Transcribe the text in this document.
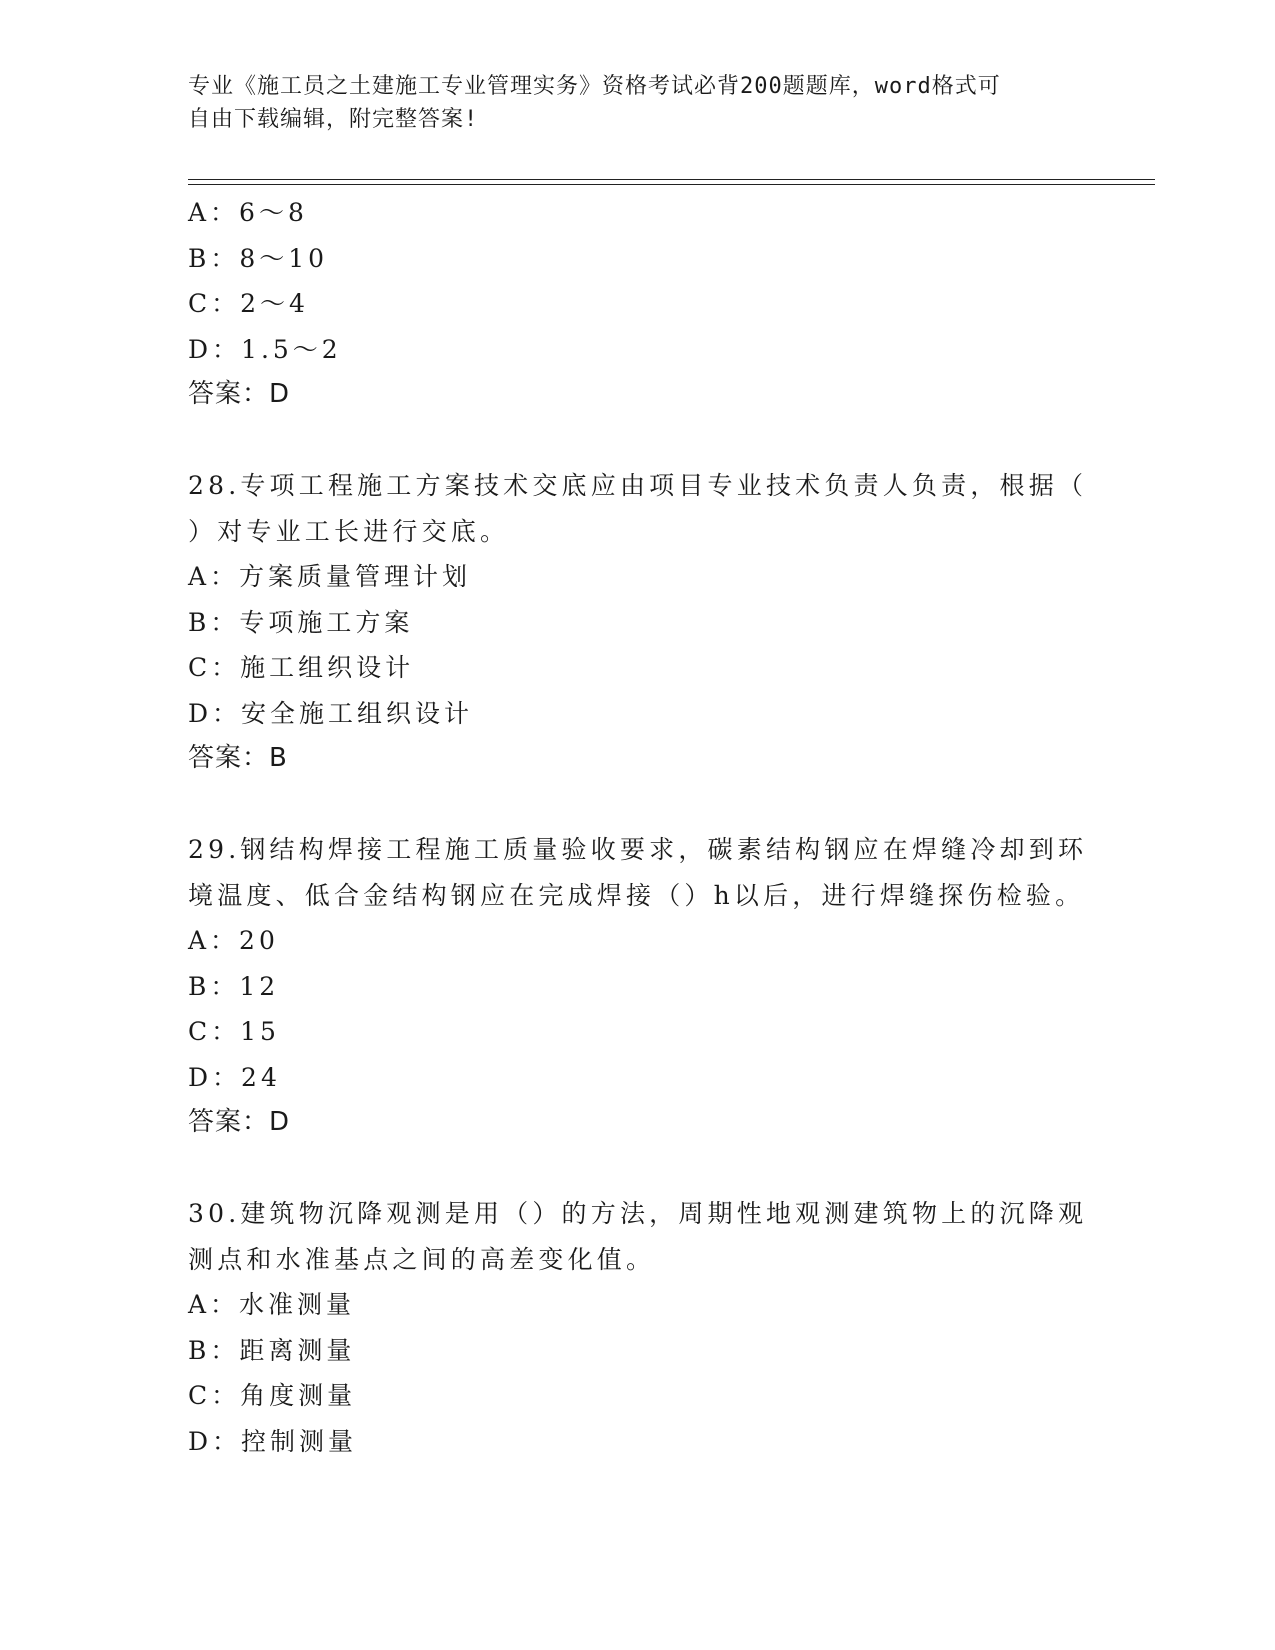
专业《施工员之土建施工专业管理实务》资格考试必背200题题库，word格式可
自由下载编辑，附完整答案!
A：6～8
B：8～10
C：2～4
D：1.5～2
答案：D
28.专项工程施工方案技术交底应由项目专业技术负责人负责，根据（
）对专业工长进行交底。
A：方案质量管理计划
B：专项施工方案
C：施工组织设计
D：安全施工组织设计
答案：B
29.钢结构焊接工程施工质量验收要求，碳素结构钢应在焊缝冷却到环
境温度、低合金结构钢应在完成焊接（）h以后，进行焊缝探伤检验。
A：20
B：12
C：15
D：24
答案：D
30.建筑物沉降观测是用（）的方法，周期性地观测建筑物上的沉降观
测点和水准基点之间的高差变化值。
A：水准测量
B：距离测量
C：角度测量
D：控制测量
